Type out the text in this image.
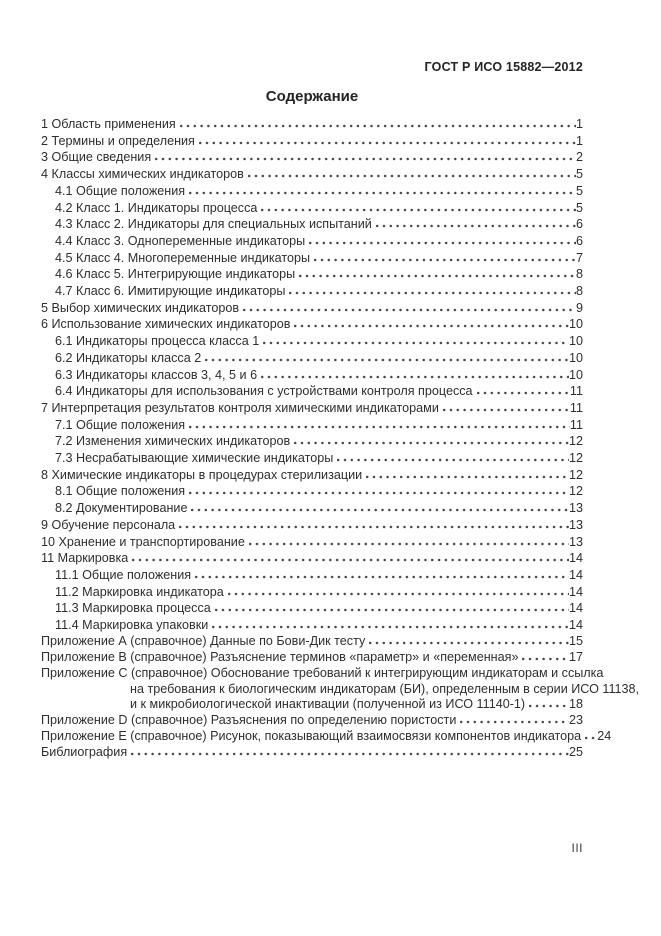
ГОСТ Р ИСО 15882—2012
Содержание
1 Область применения	1
2 Термины и определения	1
3 Общие сведения	2
4 Классы химических индикаторов	5
4.1 Общие положения	5
4.2 Класс 1. Индикаторы процесса	5
4.3 Класс 2. Индикаторы для специальных испытаний	6
4.4 Класс 3. Однопеременные индикаторы	6
4.5 Класс 4. Многопеременные индикаторы	7
4.6 Класс 5. Интегрирующие индикаторы	8
4.7 Класс 6. Имитирующие индикаторы	8
5 Выбор химических индикаторов	9
6 Использование химических индикаторов	10
6.1 Индикаторы процесса класса 1	10
6.2 Индикаторы класса 2	10
6.3 Индикаторы классов 3, 4, 5 и 6	10
6.4 Индикаторы для использования с устройствами контроля процесса	11
7 Интерпретация результатов контроля химическими индикаторами	11
7.1 Общие положения	11
7.2 Изменения химических индикаторов	12
7.3 Несрабатывающие химические индикаторы	12
8 Химические индикаторы в процедурах стерилизации	12
8.1 Общие положения	12
8.2 Документирование	13
9 Обучение персонала	13
10 Хранение и транспортирование	13
11 Маркировка	14
11.1 Общие положения	14
11.2 Маркировка индикатора	14
11.3 Маркировка процесса	14
11.4 Маркировка упаковки	14
Приложение А (справочное) Данные по Бови-Дик тесту	15
Приложение В (справочное) Разъяснение терминов «параметр» и «переменная»	17
Приложение С (справочное) Обоснование требований к интегрирующим индикаторам и ссылка
на требования к биологическим индикаторам (БИ), определенным в серии ИСО 11138,
и к микробиологической инактивации (полученной из ИСО 11140-1)	18
Приложение D (справочное) Разъяснения по определению пористости	23
Приложение E (справочное) Рисунок, показывающий взаимосвязи компонентов индикатора 24
Библиография	25
III
